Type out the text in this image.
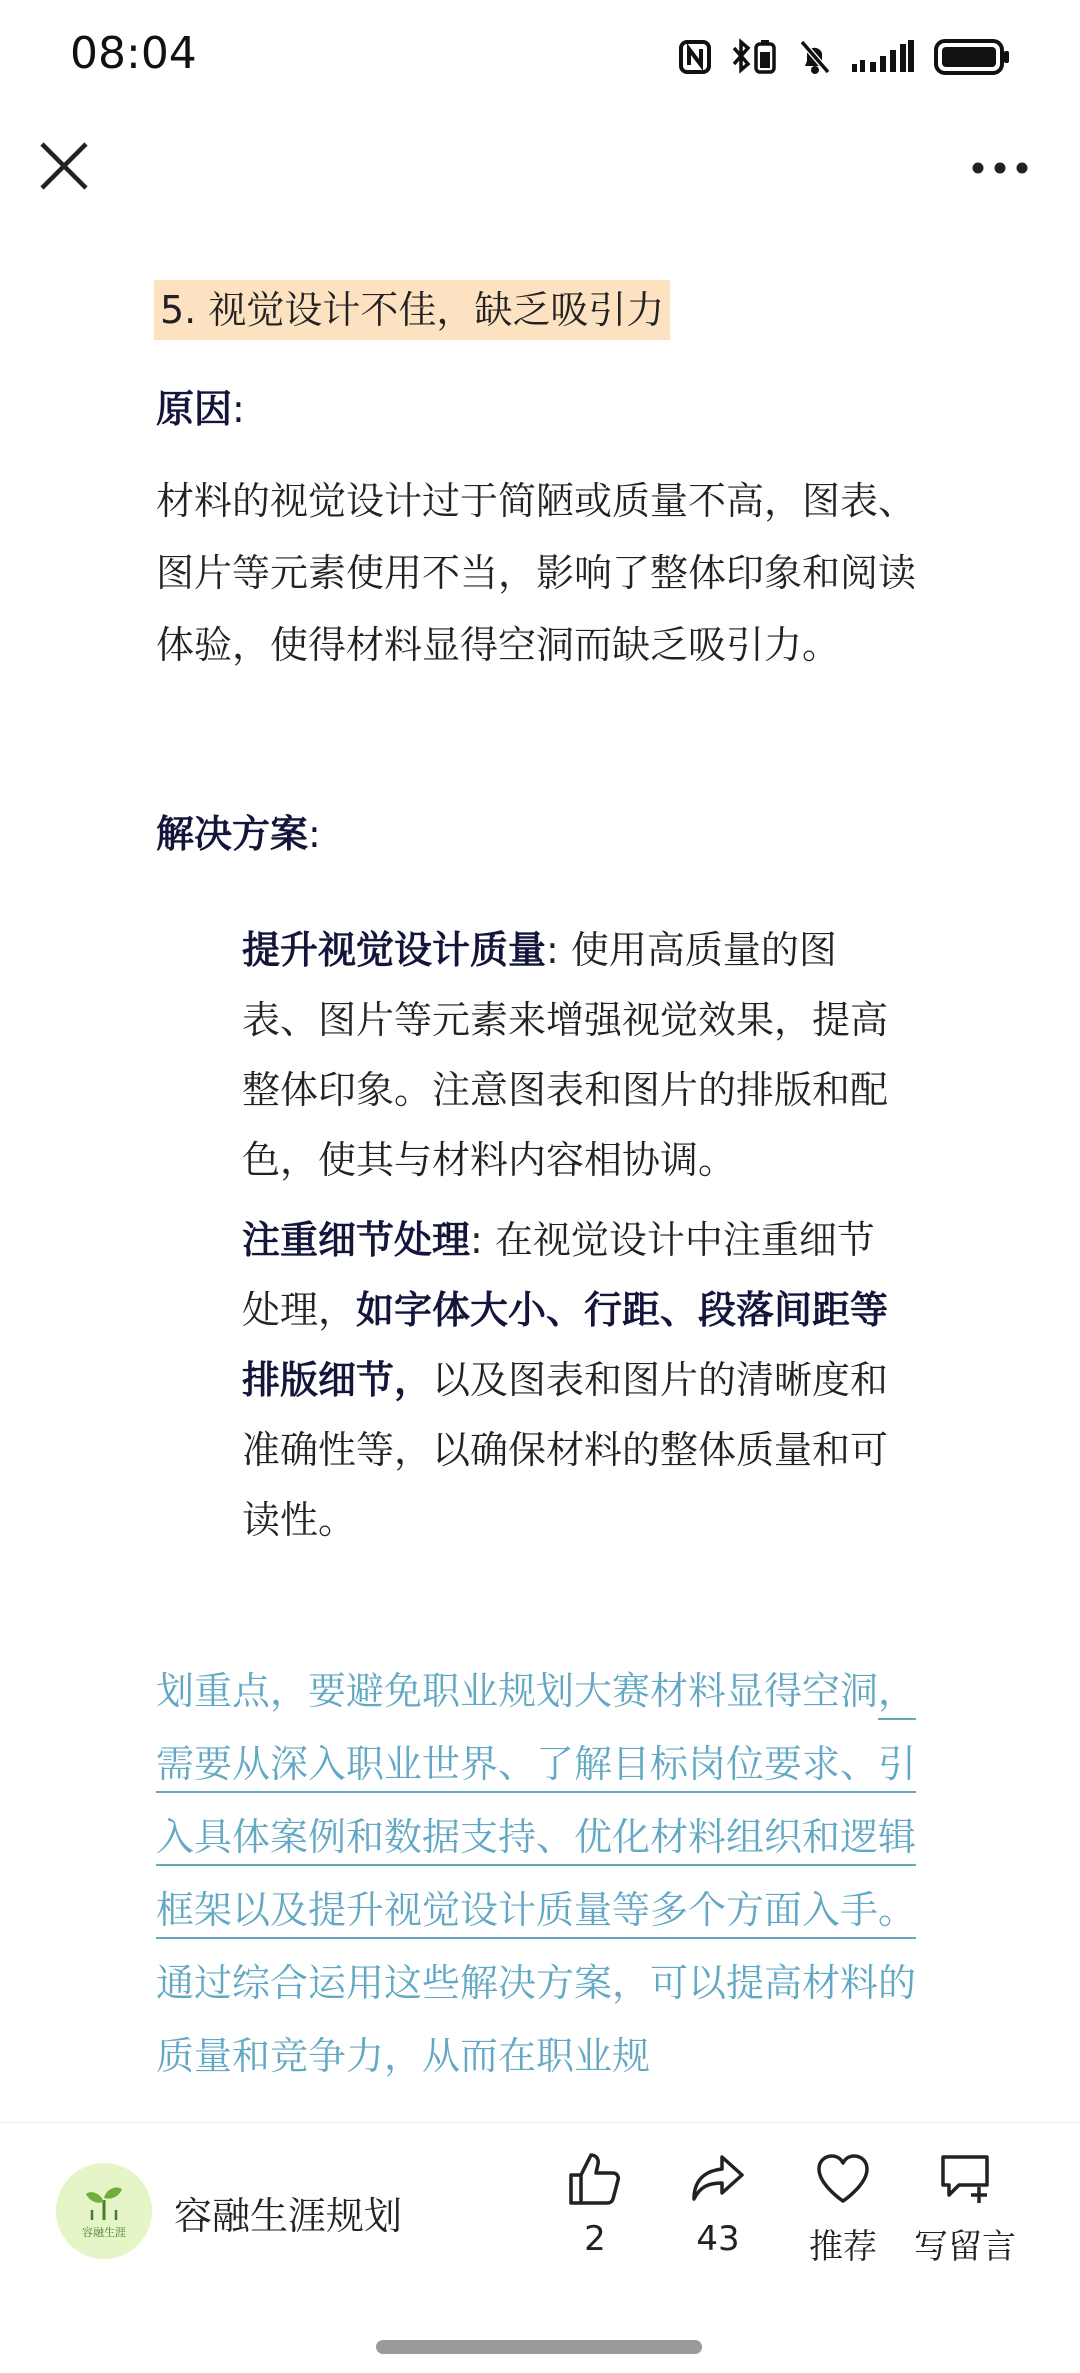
08:04
5. 视觉设计不佳，缺乏吸引力
原因:
材料的视觉设计过于简陋或质量不高，图表、图片等元素使用不当，影响了整体印象和阅读体验，使得材料显得空洞而缺乏吸引力。
解决方案:
提升视觉设计质量: 使用高质量的图表、图片等元素来增强视觉效果，提高整体印象。注意图表和图片的排版和配色，使其与材料内容相协调。
注重细节处理: 在视觉设计中注重细节处理，如字体大小、行距、段落间距等排版细节，以及图表和图片的清晰度和准确性等，以确保材料的整体质量和可读性。
划重点，要避免职业规划大赛材料显得空洞，需要从深入职业世界、了解目标岗位要求、引入具体案例和数据支持、优化材料组织和逻辑框架以及提升视觉设计质量等多个方面入手。通过综合运用这些解决方案，可以提高材料的质量和竞争力，从而在职业规
容融生涯 容融生涯规划
2	43	推荐	写留言
